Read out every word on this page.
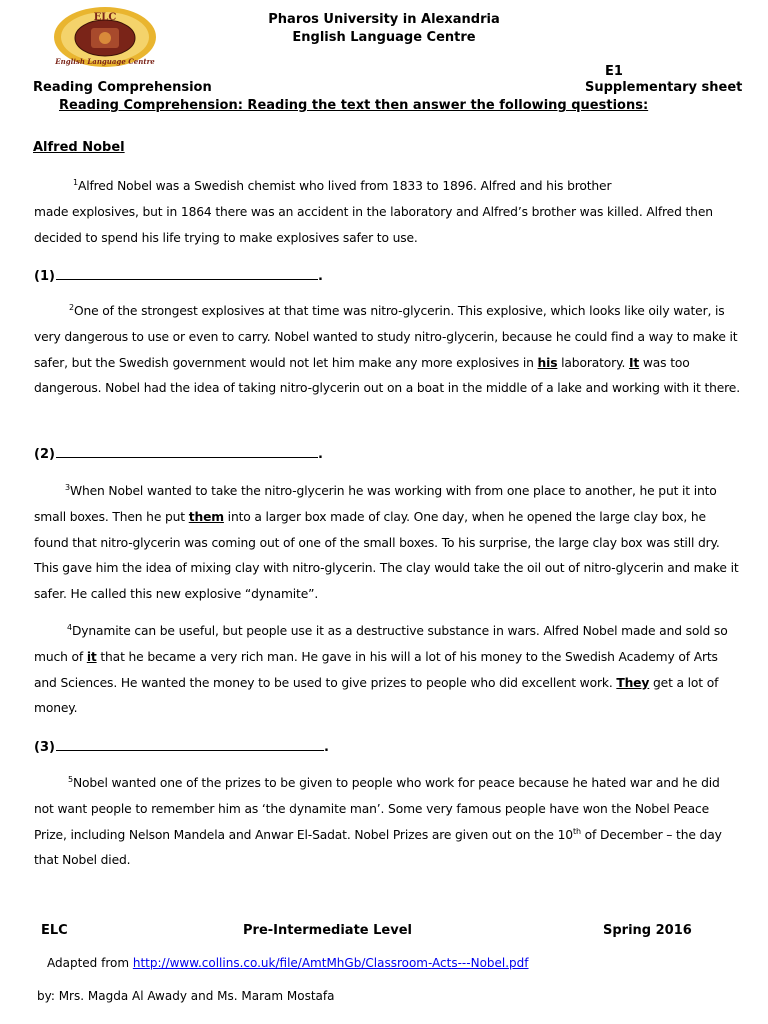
ELC
English Language Centre
Pharos University in Alexandria
English Language Centre
E1
Reading Comprehension	Supplementary sheet
Reading Comprehension: Reading the text then answer the following questions:
Alfred Nobel
$^1$Alfred Nobel was a Swedish chemist who lived from 1833 to 1896. Alfred and his brother
made explosives, but in 1864 there was an accident in the laboratory and Alfred’s brother was killed. Alfred then decided to spend his life trying to make explosives safer to use.
(1)	.
$^2$One of the strongest explosives at that time was nitro-glycerin. This explosive, which looks like oily water, is very dangerous to use or even to carry. Nobel wanted to study nitro-glycerin, because he could find a way to make it safer, but the Swedish government would not let him make any more explosives in his laboratory. It was too dangerous. Nobel had the idea of taking nitro-glycerin out on a boat in the middle of a lake and working with it there.
(2)	.
$^3$When Nobel wanted to take the nitro-glycerin he was working with from one place to another, he put it into small boxes. Then he put them into a larger box made of clay. One day, when he opened the large clay box, he found that nitro-glycerin was coming out of one of the small boxes. To his surprise, the large clay box was still dry. This gave him the idea of mixing clay with nitro-glycerin. The clay would take the oil out of nitro-glycerin and make it safer. He called this new explosive “dynamite”.
$^4$Dynamite can be useful, but people use it as a destructive substance in wars. Alfred Nobel made and sold so much of it that he became a very rich man. He gave in his will a lot of his money to the Swedish Academy of Arts and Sciences. He wanted the money to be used to give prizes to people who did excellent work. They get a lot of money.
(3)	.
$^5$Nobel wanted one of the prizes to be given to people who work for peace because he hated war and he did not want people to remember him as ‘the dynamite man’. Some very famous people have won the Nobel Peace Prize, including Nelson Mandela and Anwar El-Sadat. Nobel Prizes are given out on the 10th of December – the day that Nobel died.
ELC	Pre-Intermediate Level	Spring 2016
Adapted from http://www.collins.co.uk/file/AmtMhGb/Classroom-Acts---Nobel.pdf
by: Mrs. Magda Al Awady and Ms. Maram Mostafa
